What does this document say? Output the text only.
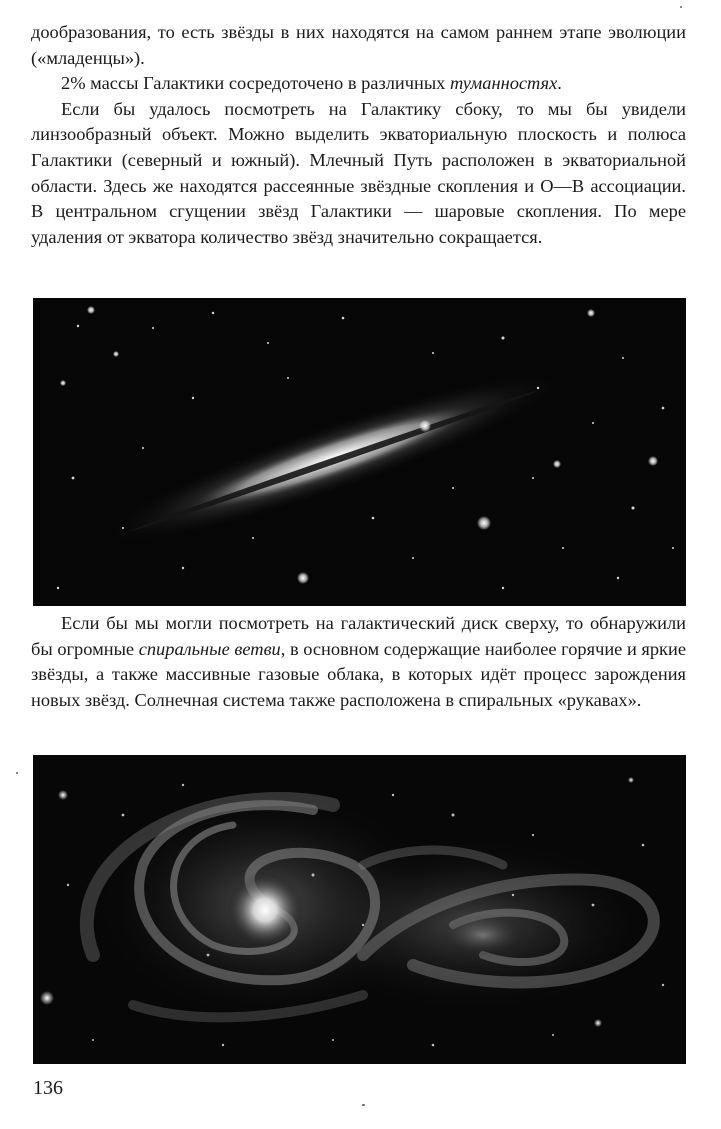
дообразования, то есть звёзды в них находятся на самом раннем этапе эволюции («младенцы»).

2% массы Галактики сосредоточено в различных туманностях.

Если бы удалось посмотреть на Галактику сбоку, то мы бы увидели линзообразный объект. Можно выделить экваториальную плоскость и полюса Галактики (северный и южный). Млечный Путь расположен в экваториальной области. Здесь же находятся рассеянные звёздные скопления и О—В ассоциации. В центральном сгущении звёзд Галактики — шаровые скопления. По мере удаления от экватора количество звёзд значительно сокращается.

Если бы мы могли посмотреть на галактический диск сверху, то обнаружили бы огромные спиральные ветви, в основном содержащие наиболее горячие и яркие звёзды, а также массивные газовые облака, в которых идёт процесс зарождения новых звёзд. Солнечная система также расположена в спиральных «рукавах».

136
